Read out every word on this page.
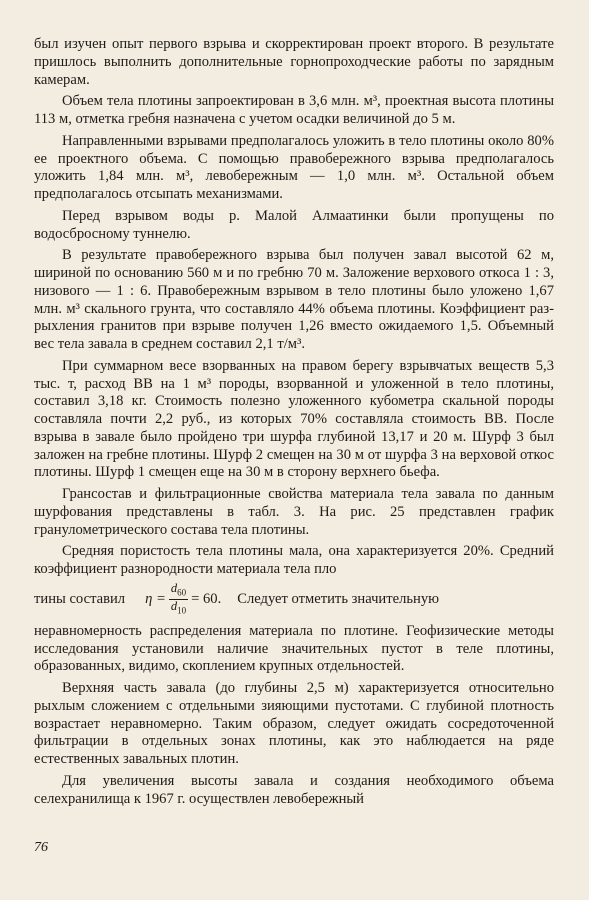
был изучен опыт первого взрыва и скорректирован проект второго. В результате пришлось выполнить дополнительные горнопроходческие работы по зарядным камерам.

Объем тела плотины запроектирован в 3,6 млн. м³, проектная высота плотины 113 м, отметка гребня назначена с учетом осадки величиной до 5 м.

Направленными взрывами предполагалось уложить в тело плотины около 80% ее проектного объема. С помощью правобережного взрыва предполагалось уложить 1,84 млн. м³, левобережным — 1,0 млн. м³. Остальной объем предполагалось отсыпать механизмами.

Перед взрывом воды р. Малой Алмаатинки были пропущены по водосбросному туннелю.

В результате правобережного взрыва был получен завал высотой 62 м, шириной по основанию 560 м и по гребню 70 м. Заложение верхового откоса 1 : 3, низового — 1 : 6. Правобережным взрывом в тело плотины было уложено 1,67 млн. м³ скального грунта, что составляло 44% объема плотины. Коэффициент разрыхления гранитов при взрыве получен 1,26 вместо ожидаемого 1,5. Объемный вес тела завала в среднем составил 2,1 т/м³.

При суммарном весе взорванных на правом берегу взрывчатых веществ 5,3 тыс. т, расход ВВ на 1 м³ породы, взорванной и уложенной в тело плотины, составил 3,18 кг. Стоимость полезно уложенного кубометра скальной породы составляла почти 2,2 руб., из которых 70% составляла стоимость ВВ. После взрыва в завале было пройдено три шурфа глубиной 13,17 и 20 м. Шурф 3 был заложен на гребне плотины. Шурф 2 смещен на 30 м от шурфа 3 на верховой откос плотины. Шурф 1 смещен еще на 30 м в сторону верхнего бьефа.

Грансостав и фильтрационные свойства материала тела завала по данным шурфования представлены в табл. 3. На рис. 25 представлен график гранулометрического состава тела плотины.

Средняя пористость тела плотины мала, она характеризуется 20%. Средний коэффициент разнородности материала тела пло

тины составил $\eta = \frac{d_{60}}{d_{10}} = 60$. Следует отметить значительную

неравномерность распределения материала по плотине. Геофизические методы исследования установили наличие значительных пустот в теле плотины, образованных, видимо, скоплением крупных отдельностей.

Верхняя часть завала (до глубины 2,5 м) характеризуется относительно рыхлым сложением с отдельными зияющими пустотами. С глубиной плотность возрастает неравномерно. Таким образом, следует ожидать сосредоточенной фильтрации в отдельных зонах плотины, как это наблюдается на ряде естественных завальных плотин.

Для увеличения высоты завала и создания необходимого объема селехранилища к 1967 г. осуществлен левобережный

76
